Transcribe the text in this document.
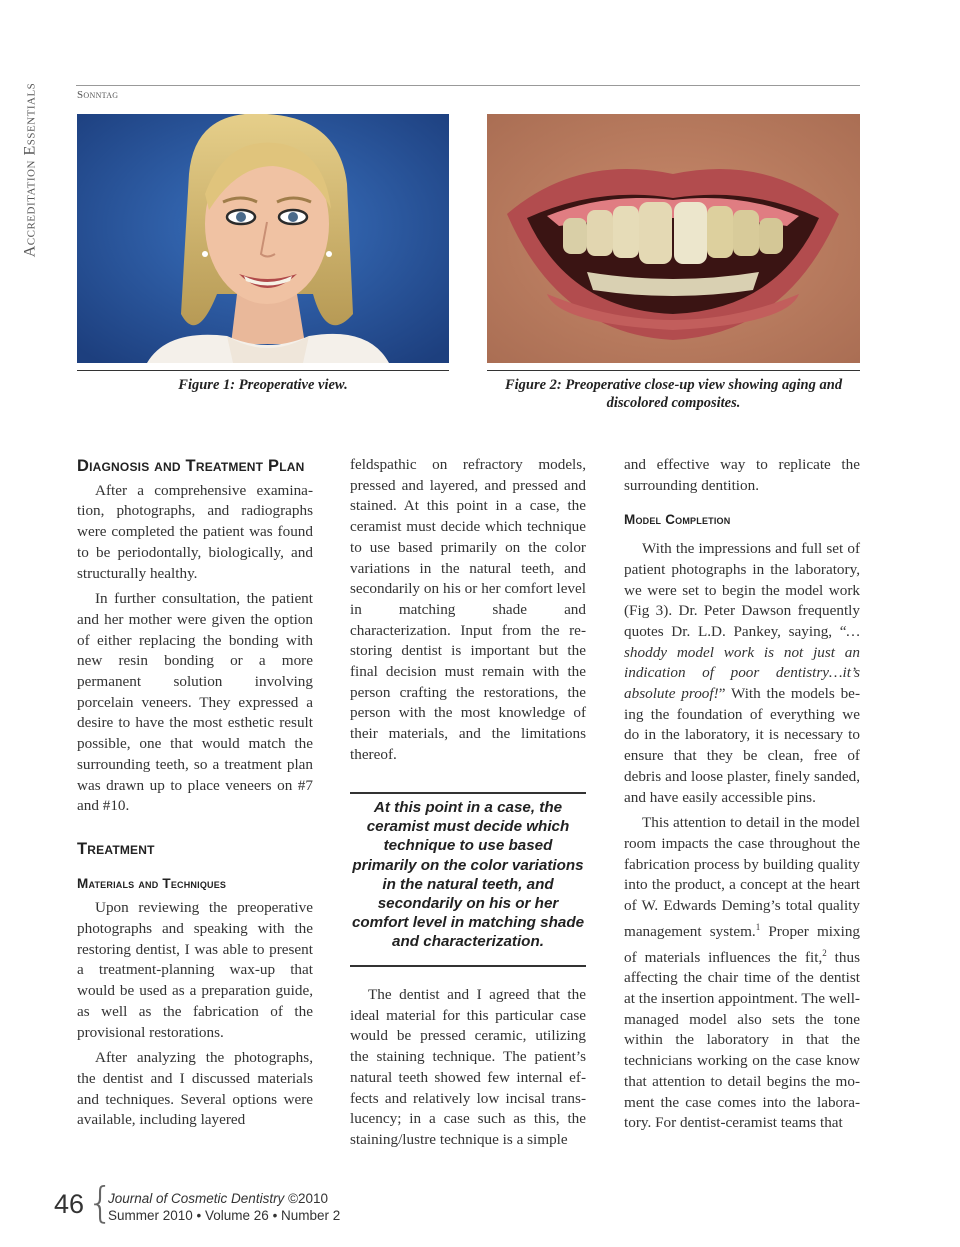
Accreditation Essentials	Sonntag
Figure 1: Preoperative view.	Figure 2: Preoperative close-up view showing aging and discolored composites.
Diagnosis and Treatment Plan

After a comprehensive examination, photographs, and radiographs were completed the patient was found to be periodontally, biologically, and structurally healthy.

In further consultation, the patient and her mother were given the option of either replacing the bonding with new resin bonding or a more permanent solution involving porcelain veneers. They expressed a desire to have the most esthetic result possible, one that would match the surrounding teeth, so a treatment plan was drawn up to place veneers on #7 and #10.

Treatment
Materials and Techniques

Upon reviewing the preoperative photographs and speaking with the restoring dentist, I was able to present a treatment-planning wax-up that would be used as a preparation guide, as well as the fabrication of the provisional restorations.

After analyzing the photographs, the dentist and I discussed materials and techniques. Several options were available, including layered

feldspathic on refractory models, pressed and layered, and pressed and stained. At this point in a case, the ceramist must decide which technique to use based primarily on the color variations in the natural teeth, and secondarily on his or her comfort level in matching shade and characterization. Input from the restoring dentist is important but the final decision must remain with the person crafting the restorations, the person with the most knowledge of their materials, and the limitations thereof.

At this point in a case, the ceramist must decide which technique to use based primarily on the color variations in the natural teeth, and secondarily on his or her comfort level in matching shade and characterization.

The dentist and I agreed that the ideal material for this particular case would be pressed ceramic, utilizing the staining technique. The patient’s natural teeth showed few internal effects and relatively low incisal translucency; in a case such as this, the staining/lustre technique is a simple

and effective way to replicate the surrounding dentition.

Model Completion

With the impressions and full set of patient photographs in the laboratory, we were set to begin the model work (Fig 3). Dr. Peter Dawson frequently quotes Dr. L.D. Pankey, saying, “…shoddy model work is not just an indication of poor dentistry…it’s absolute proof!” With the models being the foundation of everything we do in the laboratory, it is necessary to ensure that they be clean, free of debris and loose plaster, finely sanded, and have easily accessible pins.

This attention to detail in the model room impacts the case throughout the fabrication process by building quality into the product, a concept at the heart of W. Edwards Deming’s total quality management system.$^1$ Proper mixing of materials influences the fit,$^2$ thus affecting the chair time of the dentist at the insertion appointment. The well-managed model also sets the tone within the laboratory in that the technicians working on the case know that attention to detail begins the moment the case comes into the laboratory. For dentist-ceramist teams that

46 {
Journal of Cosmetic Dentistry ©2010
Summer 2010 • Volume 26 • Number 2
